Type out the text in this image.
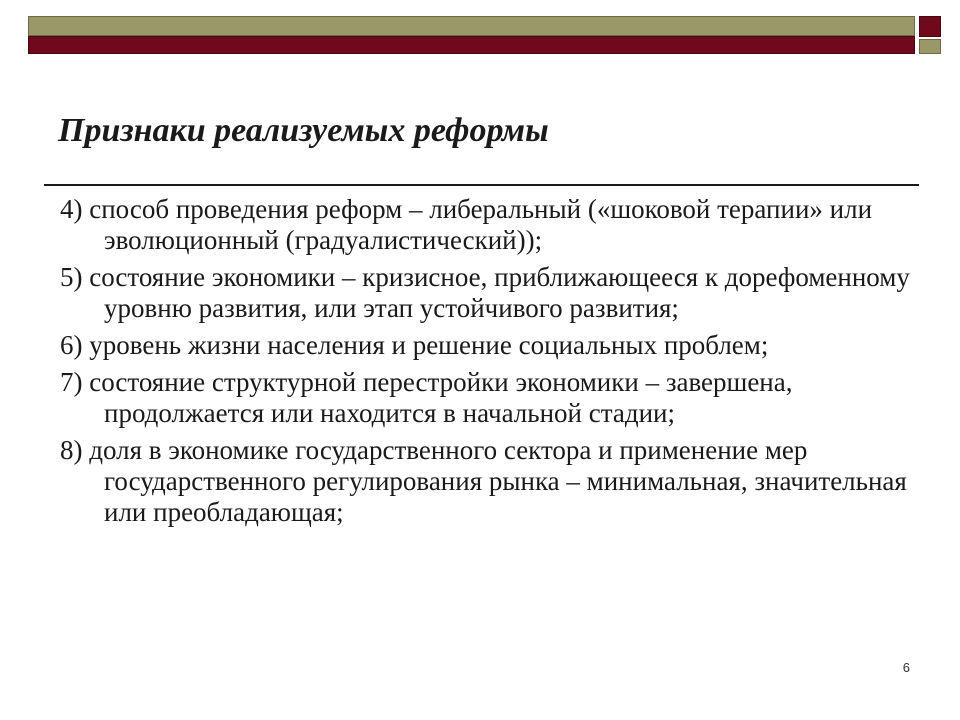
Признаки реализуемых реформы
4) способ проведения реформ – либеральный («шоковой терапии» или эволюционный (градуалистический));
5) состояние экономики – кризисное, приближающееся к дорефоменному уровню развития, или этап устойчивого развития;
6) уровень жизни населения и решение социальных проблем;
7) состояние структурной перестройки экономики – завершена, продолжается или находится в начальной стадии;
8) доля в экономике государственного сектора и применение мер государственного регулирования рынка – минимальная, значительная или преобладающая;
6
